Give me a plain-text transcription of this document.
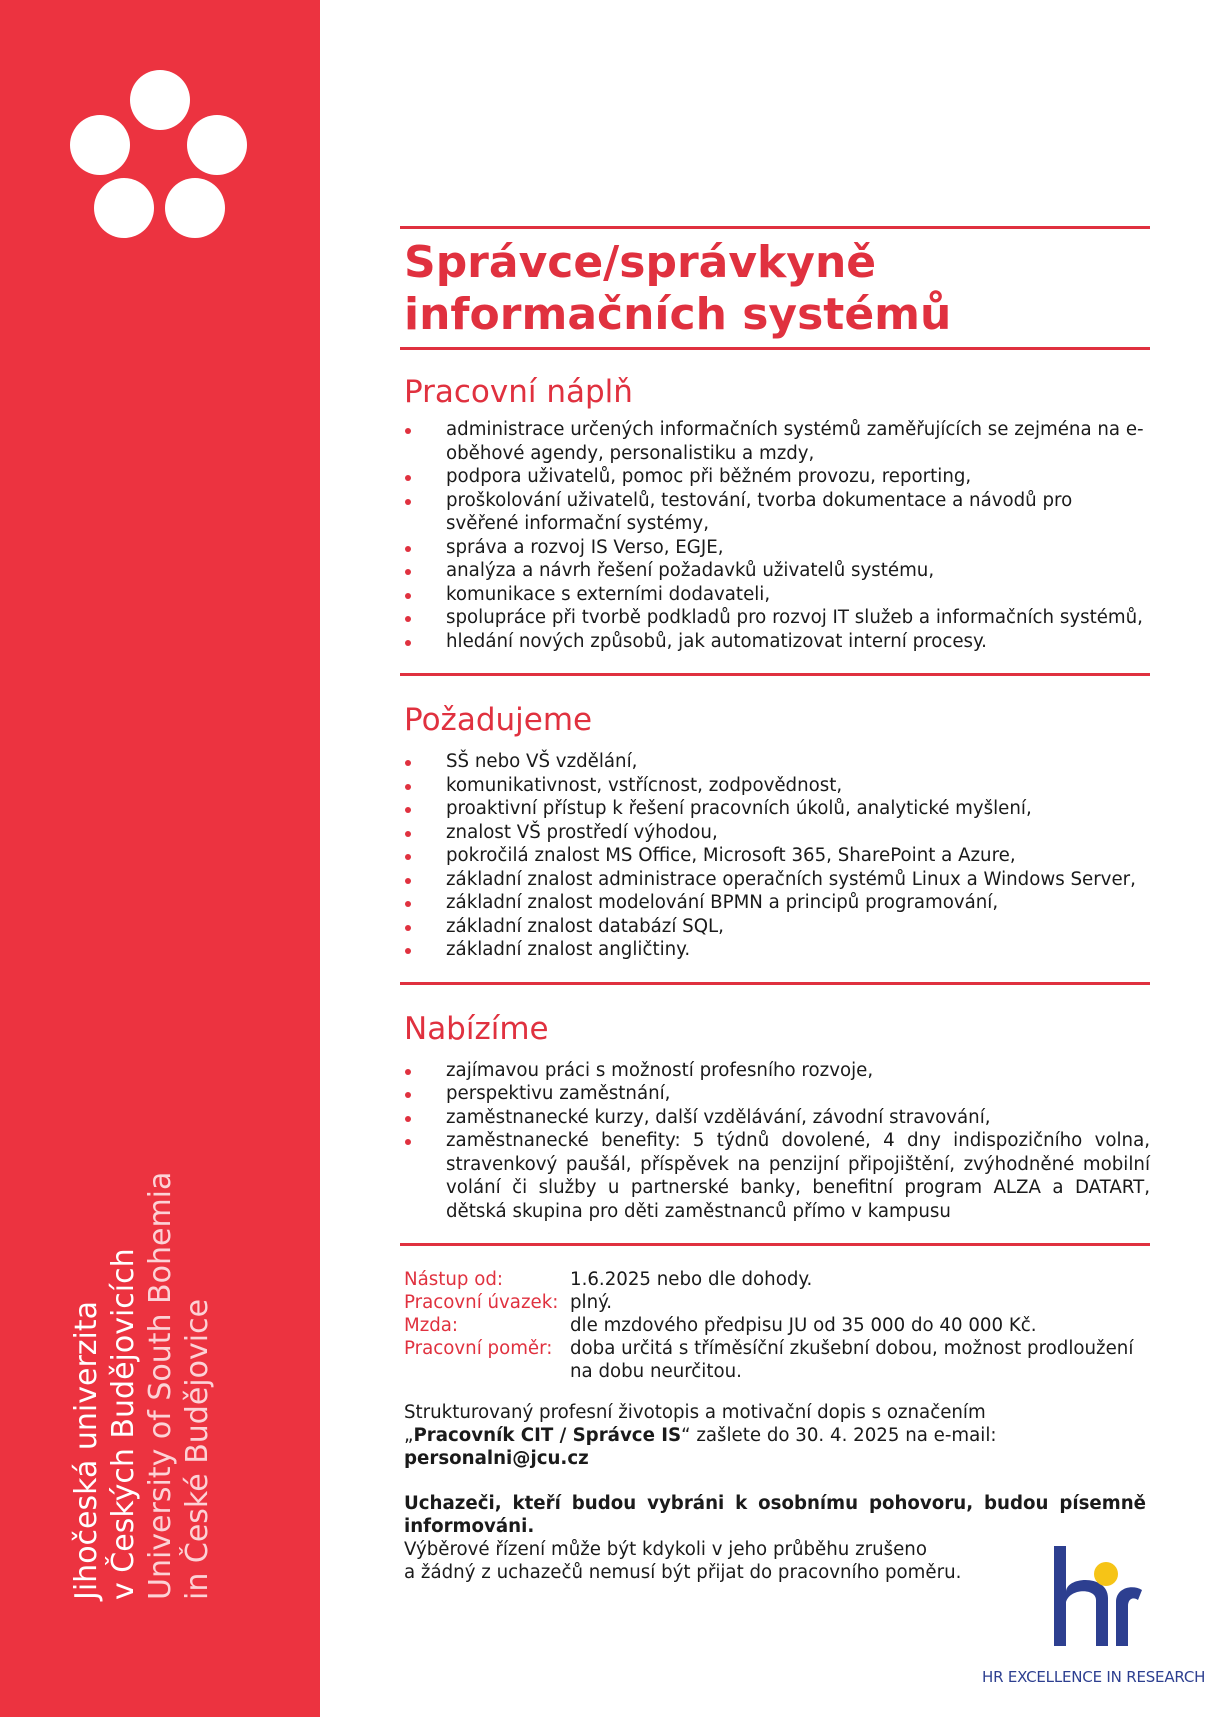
Jihočeská univerzita v Českých Budějovicích University of South Bohemia in České Budějovice
Správce/správkyně
informačních systémů
Pracovní náplň
administrace určených informačních systémů zaměřujících se zejména na e-oběhové agendy, personalistiku a mzdy,
podpora uživatelů, pomoc při běžném provozu, reporting,
proškolování uživatelů, testování, tvorba dokumentace a návodů pro svěřené informační systémy,
správa a rozvoj IS Verso, EGJE,
analýza a návrh řešení požadavků uživatelů systému,
komunikace s externími dodavateli,
spolupráce při tvorbě podkladů pro rozvoj IT služeb a informačních systémů,
hledání nových způsobů, jak automatizovat interní procesy.
Požadujeme
SŠ nebo VŠ vzdělání,
komunikativnost, vstřícnost, zodpovědnost,
proaktivní přístup k řešení pracovních úkolů, analytické myšlení,
znalost VŠ prostředí výhodou,
pokročilá znalost MS Office, Microsoft 365, SharePoint a Azure,
základní znalost administrace operačních systémů Linux a Windows Server,
základní znalost modelování BPMN a principů programování,
základní znalost databází SQL,
základní znalost angličtiny.
Nabízíme
zajímavou práci s možností profesního rozvoje,
perspektivu zaměstnání,
zaměstnanecké kurzy, další vzdělávání, závodní stravování,
zaměstnanecké benefity: 5 týdnů dovolené, 4 dny indispozičního volna, stravenkový paušál, příspěvek na penzijní připojištění, zvýhodněné mobilní volání či služby u partnerské banky, benefitní program ALZA a DATART, dětská skupina pro děti zaměstnanců přímo v kampusu
Nástup od:	1.6.2025 nebo dle dohody.
Pracovní úvazek: plný.
Mzda:	dle mzdového předpisu JU od 35 000 do 40 000 Kč.
Pracovní poměr: doba určitá s tříměsíční zkušební dobou, možnost prodloužení na dobu neurčitou.

Strukturovaný profesní životopis a motivační dopis s označením

„Pracovník CIT / Správce IS“ zašlete do 30. 4. 2025 na e-mail: personalni@jcu.cz

Uchazeči, kteří budou vybráni k osobnímu pohovoru, budou písemně informováni.

Výběrové řízení může být kdykoli v jeho průběhu zrušeno

a žádný z uchazečů nemusí být přijat do pracovního poměru.

HR EXCELLENCE IN RESEARCH
